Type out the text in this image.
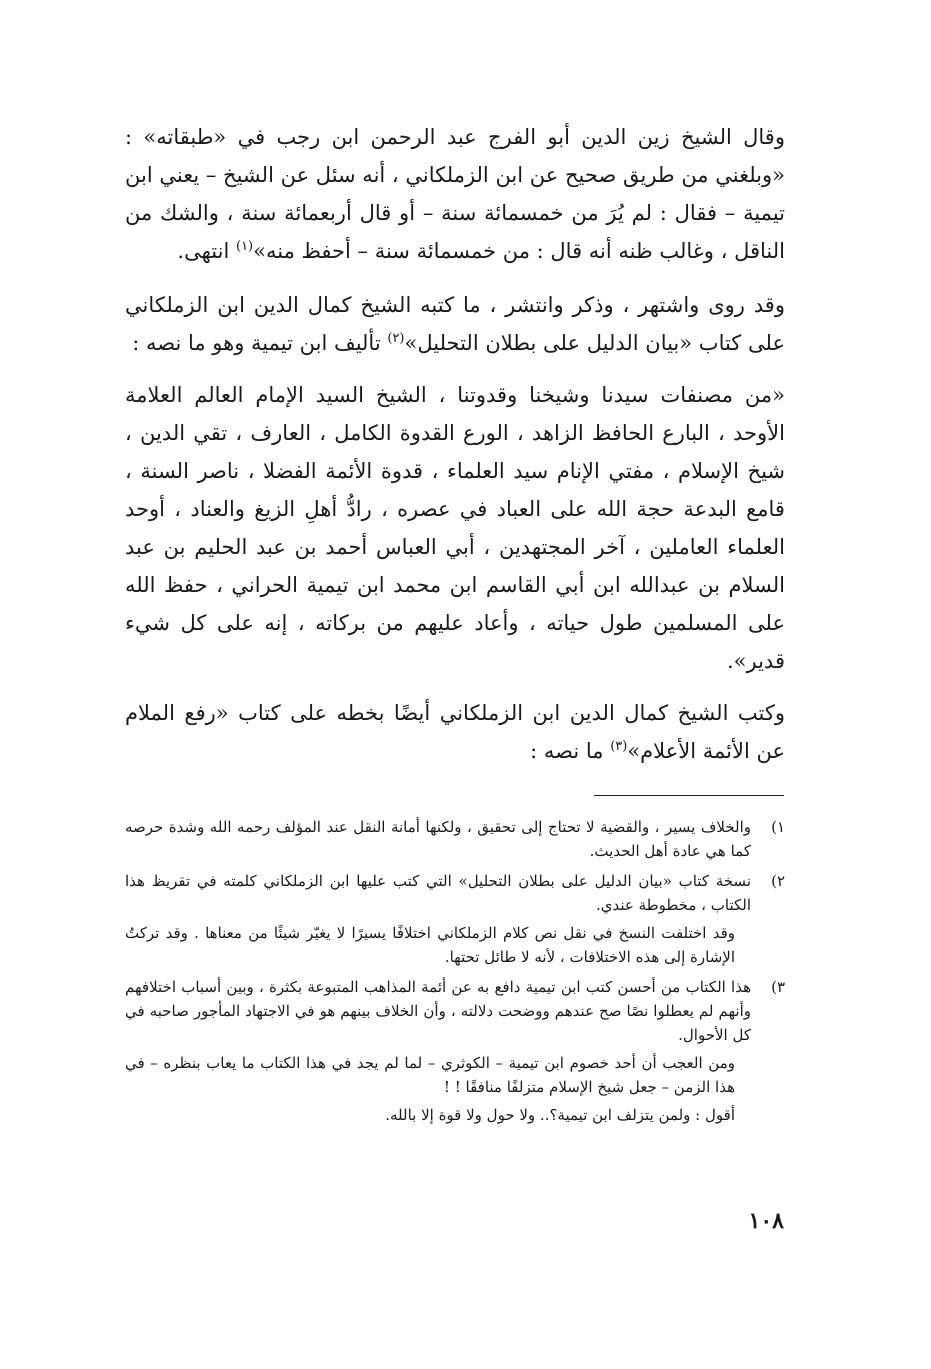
وقال الشيخ زين الدين أبو الفرج عبد الرحمن ابن رجب في «طبقاته» : «وبلغني من طريق صحيح عن ابن الزملكاني ، أنه سئل عن الشيخ – يعني ابن تيمية – فقال : لم يُرَ من خمسمائة سنة – أو قال أربعمائة سنة ، والشك من الناقل ، وغالب ظنه أنه قال : من خمسمائة سنة – أحفظ منه»$^{(١)}$ انتهى.

وقد روى واشتهر ، وذكر وانتشر ، ما كتبه الشيخ كمال الدين ابن الزملكاني على كتاب «بيان الدليل على بطلان التحليل»$^{(٢)}$ تأليف ابن تيمية وهو ما نصه :

«من مصنفات سيدنا وشيخنا وقدوتنا ، الشيخ السيد الإمام العالم العلامة الأوحد ، البارع الحافظ الزاهد ، الورع القدوة الكامل ، العارف ، تقي الدين ، شيخ الإسلام ، مفتي الإنام سيد العلماء ، قدوة الأئمة الفضلا ، ناصر السنة ، قامع البدعة حجة الله على العباد في عصره ، رادُّ أهلِ الزيغ والعناد ، أوحد العلماء العاملين ، آخر المجتهدين ، أبي العباس أحمد بن عبد الحليم بن عبد السلام بن عبدالله ابن أبي القاسم ابن محمد ابن تيمية الحراني ، حفظ الله على المسلمين طول حياته ، وأعاد عليهم من بركاته ، إنه على كل شيء قدير».

وكتب الشيخ كمال الدين ابن الزملكاني أيضًا بخطه على كتاب «رفع الملام عن الأئمة الأعلام»$^{(٣)}$ ما نصه :

١)

والخلاف يسير ، والقضية لا تحتاج إلى تحقيق ، ولكنها أمانة النقل عند المؤلف رحمه الله وشدة حرصه كما هي عادة أهل الحديث.

٢)

نسخة كتاب «بيان الدليل على بطلان التحليل» التي كتب عليها ابن الزملكاني كلمته في تقريظ هذا الكتاب ، مخطوطة عندي.

وقد اختلفت النسخ في نقل نص كلام الزملكاني اختلافًا يسيرًا لا يغيّر شيئًا من معناها . وقد تركتُ الإشارة إلى هذه الاختلافات ، لأنه لا طائل تحتها.

٣)

هذا الكتاب من أحسن كتب ابن تيمية دافع به عن أئمة المذاهب المتبوعة بكثرة ، وبين أسباب اختلافهم وأنهم لم يعطلوا نصًا صح عندهم ووضحت دلالته ، وأن الخلاف بينهم هو في الاجتهاد المأجور صاحبه في كل الأحوال.

ومن العجب أن أحد خصوم ابن تيمية – الكوثري – لما لم يجد في هذا الكتاب ما يعاب بنظره – في هذا الزمن – جعل شيخ الإسلام متزلفًا منافقًا ! !

أقول : ولمن يتزلف ابن تيمية؟.. ولا حول ولا قوة إلا بالله.

١٠٨
